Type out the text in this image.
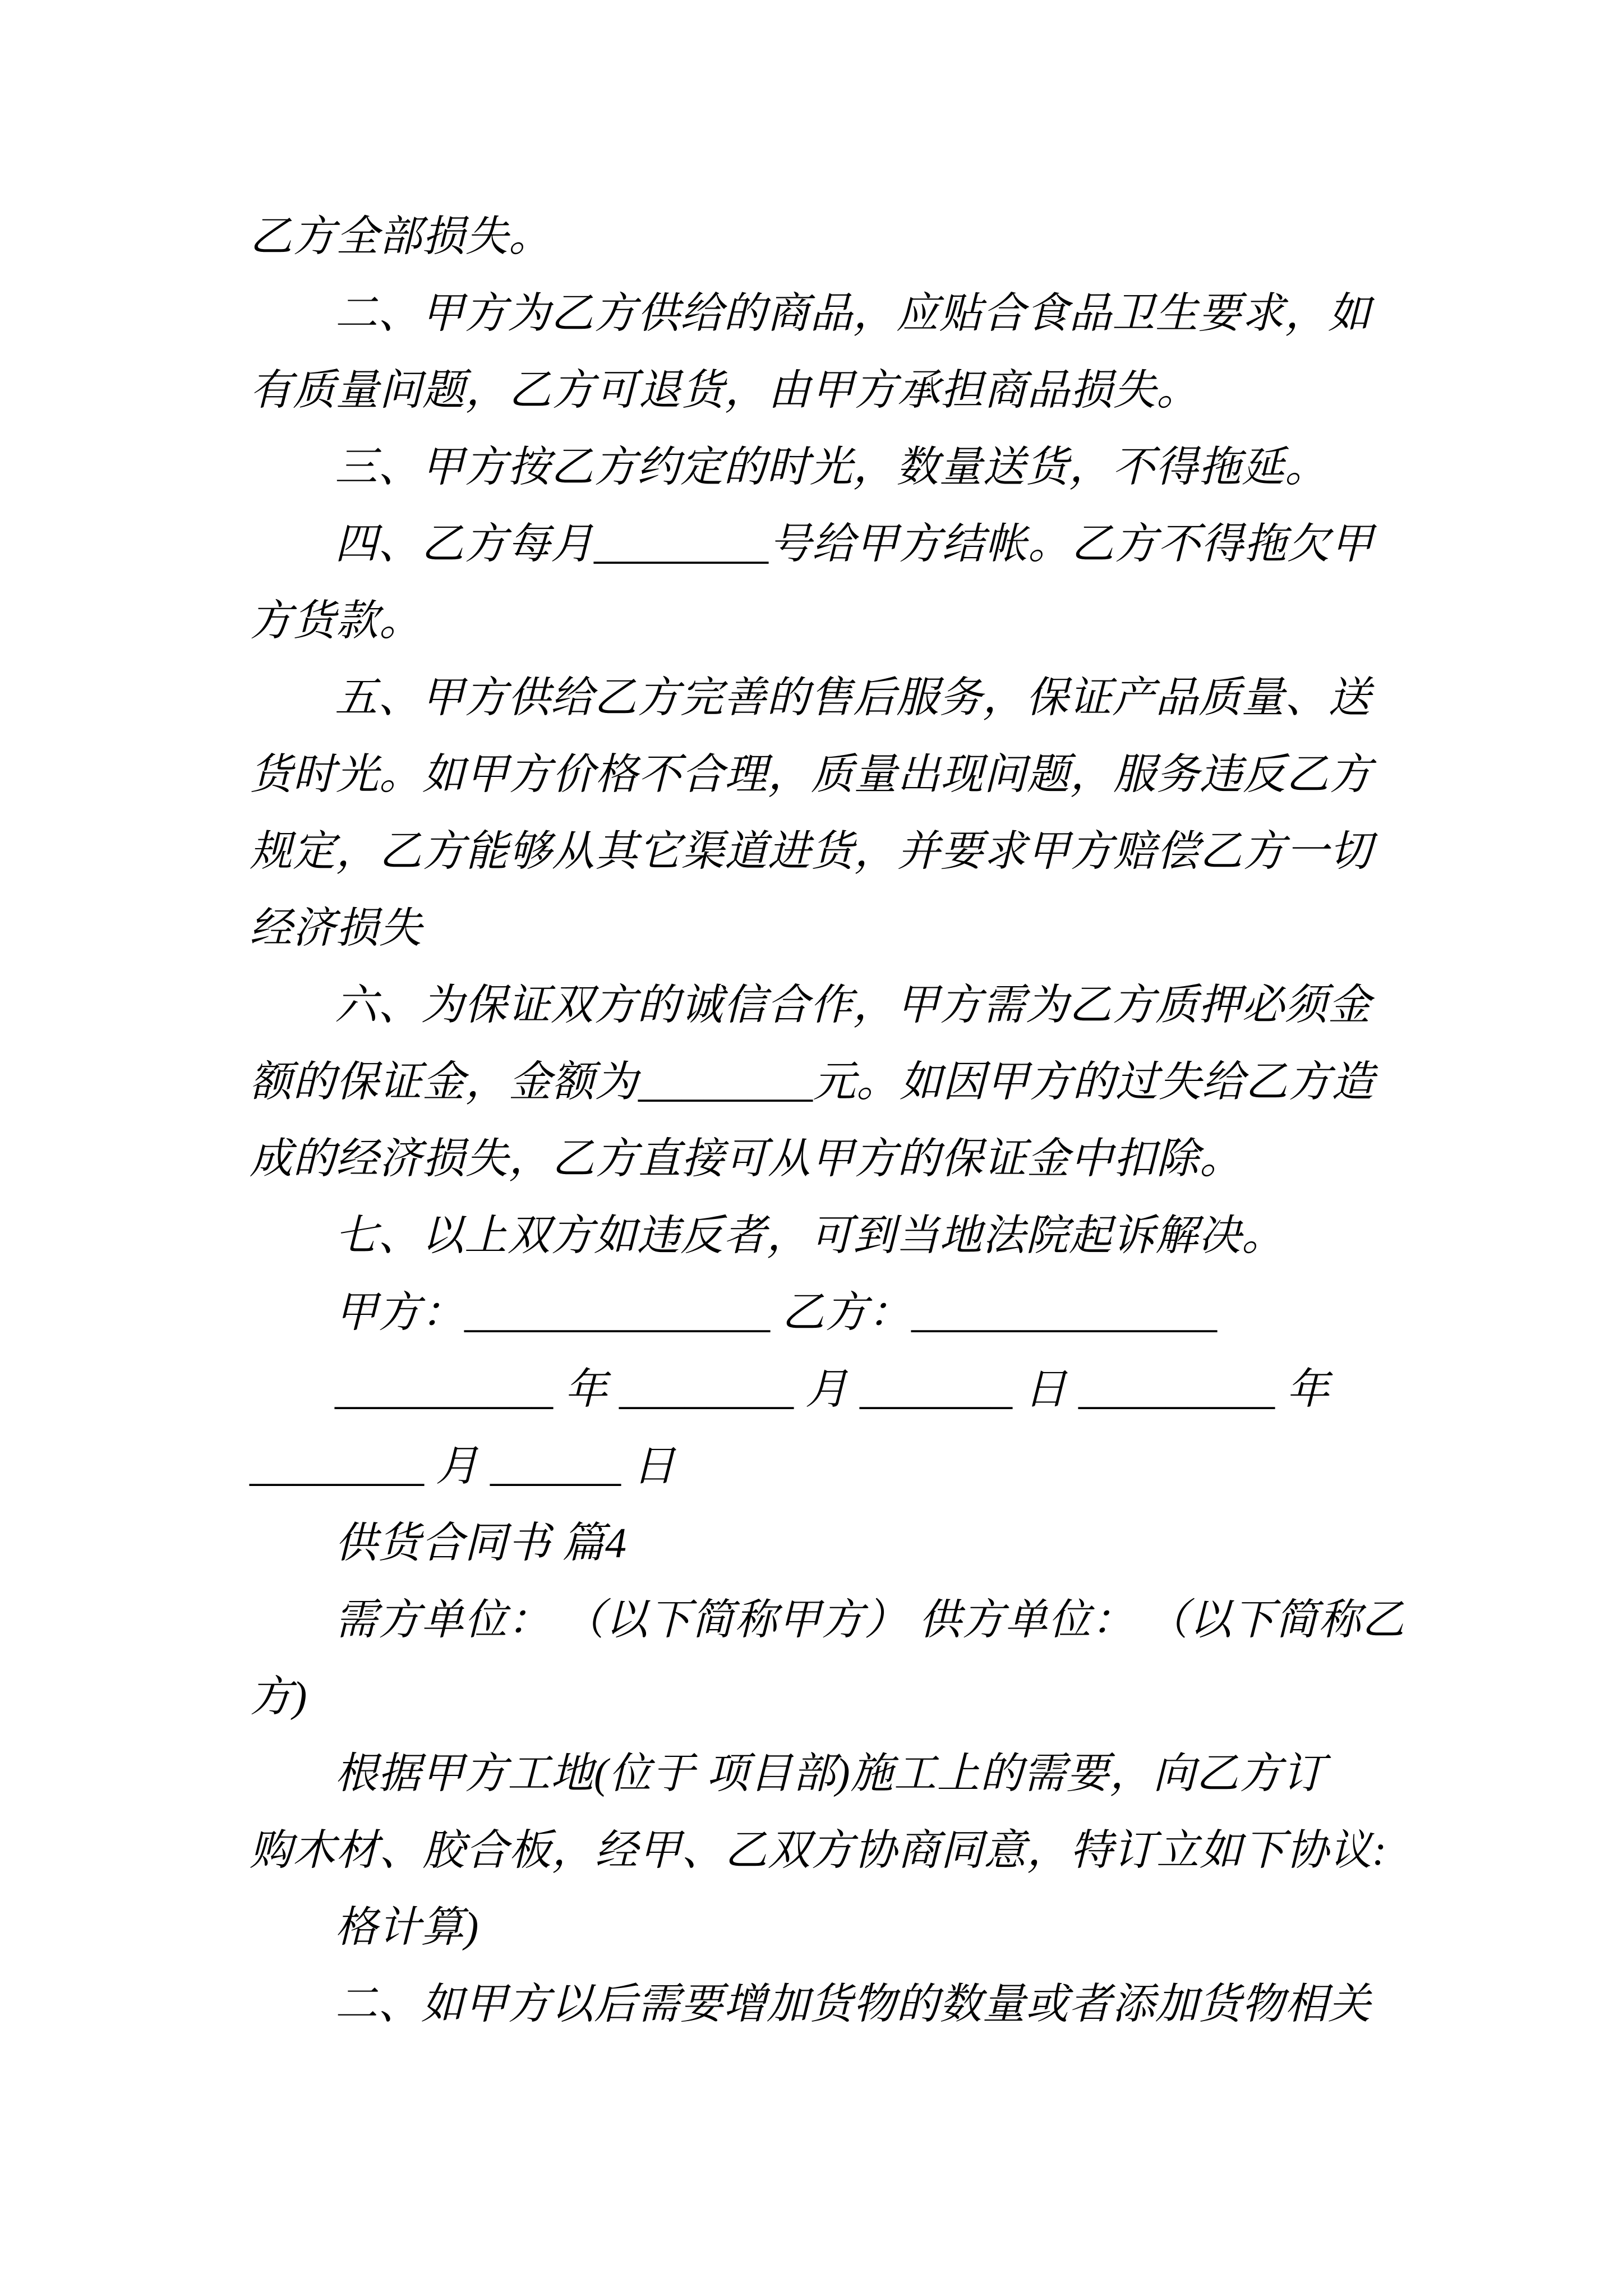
乙方全部损失。
二、甲方为乙方供给的商品，应贴合食品卫生要求，如
有质量问题，乙方可退货，由甲方承担商品损失。
三、甲方按乙方约定的时光，数量送货，不得拖延。
四、乙方每月________号给甲方结帐。乙方不得拖欠甲
方货款。
五、甲方供给乙方完善的售后服务，保证产品质量、送
货时光。如甲方价格不合理，质量出现问题，服务违反乙方
规定，乙方能够从其它渠道进货，并要求甲方赔偿乙方一切
经济损失
六、为保证双方的诚信合作，甲方需为乙方质押必须金
额的保证金，金额为________元。如因甲方的过失给乙方造
成的经济损失，乙方直接可从甲方的保证金中扣除。
七、以上双方如违反者，可到当地法院起诉解决。
甲方：______________ 乙方：______________
__________ 年 ________ 月 _______ 日 _________ 年
________ 月 ______ 日
供货合同书 篇4
需方单位： （以下简称甲方） 供方单位： （以下简称乙
方)
根据甲方工地(位于 项目部)施工上的需要，向乙方订
购木材、胶合板，经甲、乙双方协商同意，特订立如下协议:
格计算)
二、如甲方以后需要增加货物的数量或者添加货物相关
